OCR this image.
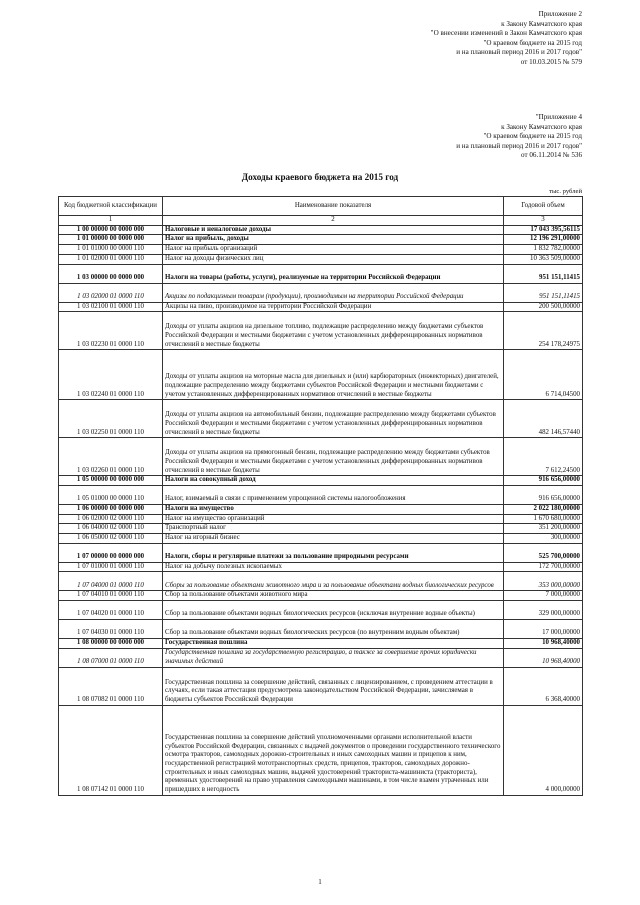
Приложение 2
к Закону Камчатского края
"О внесении изменений в Закон Камчатского края
"О краевом бюджете на 2015 год
и на плановый период 2016 и 2017 годов"
от 10.03.2015 № 579
"Приложение 4
к Закону Камчатского края
"О краевом бюджете на 2015 год
и на плановый период 2016 и 2017 годов"
от 06.11.2014 № 536
Доходы краевого бюджета на 2015 год
тыс. рублей
Код бюджетной классификации	Наименование показателя	Годовой объем
1	2	3
1 00 00000 00 0000 000	Налоговые и неналоговые доходы	17 043 395,56115
1 01 00000 00 0000 000	Налог на прибыль, доходы	12 196 291,00000
1 01 01000 00 0000 110	Налог на прибыль организаций	1 832 782,00000
1 01 02000 01 0000 110	Налог на доходы физических лиц	10 363 509,00000
1 03 00000 00 0000 000	Налоги на товары (работы, услуги), реализуемые на территории Российской Федерации	951 151,11415
1 03 02000 01 0000 110	Акцизы по подакцизным товарам (продукции), производимым на территории Российской Федерации	951 151,11415
1 03 02100 01 0000 110	Акцизы на пиво, производимое на территории Российской Федерации	200 500,00000
1 03 02230 01 0000 110	Доходы от уплаты акцизов на дизельное топливо, подлежащие распределению между бюджетами субъектов Российской Федерации и местными бюджетами с учетом установленных дифференцированных нормативов отчислений в местные бюджеты	254 178,24975
1 03 02240 01 0000 110	Доходы от уплаты акцизов на моторные масла для дизельных и (или) карбюраторных (инжекторных) двигателей, подлежащие распределению между бюджетами субъектов Российской Федерации и местными бюджетами с учетом установленных дифференцированных нормативов отчислений в местные бюджеты	6 714,04500
1 03 02250 01 0000 110	Доходы от уплаты акцизов на автомобильный бензин, подлежащие распределению между бюджетами субъектов Российской Федерации и местными бюджетами с учетом установленных дифференцированных нормативов отчислений в местные бюджеты	482 146,57440
1 03 02260 01 0000 110	Доходы от уплаты акцизов на прямогонный бензин, подлежащие распределению между бюджетами субъектов Российской Федерации и местными бюджетами с учетом установленных дифференцированных нормативов отчислений в местные бюджеты	7 612,24500
1 05 00000 00 0000 000	Налоги на совокупный доход	916 656,00000
1 05 01000 00 0000 110	Налог, взимаемый в связи с применением упрощенной системы налогообложения	916 656,00000
1 06 00000 00 0000 000	Налоги на имущество	2 022 180,00000
1 06 02000 02 0000 110	Налог на имущество организаций	1 670 680,00000
1 06 04000 02 0000 110	Транспортный налог	351 200,00000
1 06 05000 02 0000 110	Налог на игорный бизнес	300,00000
1 07 00000 00 0000 000	Налоги, сборы и регулярные платежи за пользование природными ресурсами	525 700,00000
1 07 01000 01 0000 110	Налог на добычу полезных ископаемых	172 700,00000
1 07 04000 01 0000 110	Сборы за пользование объектами животного мира и за пользование объектами водных биологических ресурсов	353 000,00000
1 07 04010 01 0000 110	Сбор за пользование объектами животного мира	7 000,00000
1 07 04020 01 0000 110	Сбор за пользование объектами водных биологических ресурсов (исключая внутренние водные объекты)	329 000,00000
1 07 04030 01 0000 110	Сбор за пользование объектами водных биологических ресурсов (по внутренним водным объектам)	17 000,00000
1 08 00000 00 0000 000	Государственная пошлина	10 968,40000
1 08 07000 01 0000 110	Государственная пошлина за государственную регистрацию, а также за совершение прочих юридически значимых действий	10 968,40000
1 08 07082 01 0000 110	Государственная пошлина за совершение действий, связанных с лицензированием, с проведением аттестации в случаях, если такая аттестация предусмотрена законодательством Российской Федерации, зачисляемая в бюджеты субъектов Российской Федерации	6 368,40000
1 08 07142 01 0000 110	Государственная пошлина за совершение действий уполномоченными органами исполнительной власти субъектов Российской Федерации, связанных с выдачей документов о проведении государственного технического осмотра тракторов, самоходных дорожно-строительных и иных самоходных машин и прицепов к ним, государственной регистрацией мототранспортных средств, прицепов, тракторов, самоходных дорожно-строительных и иных самоходных машин, выдачей удостоверений тракториста-машиниста (тракториста), временных удостоверений на право управления самоходными машинами, в том числе взамен утраченных или пришедших в негодность	4 000,00000
1
